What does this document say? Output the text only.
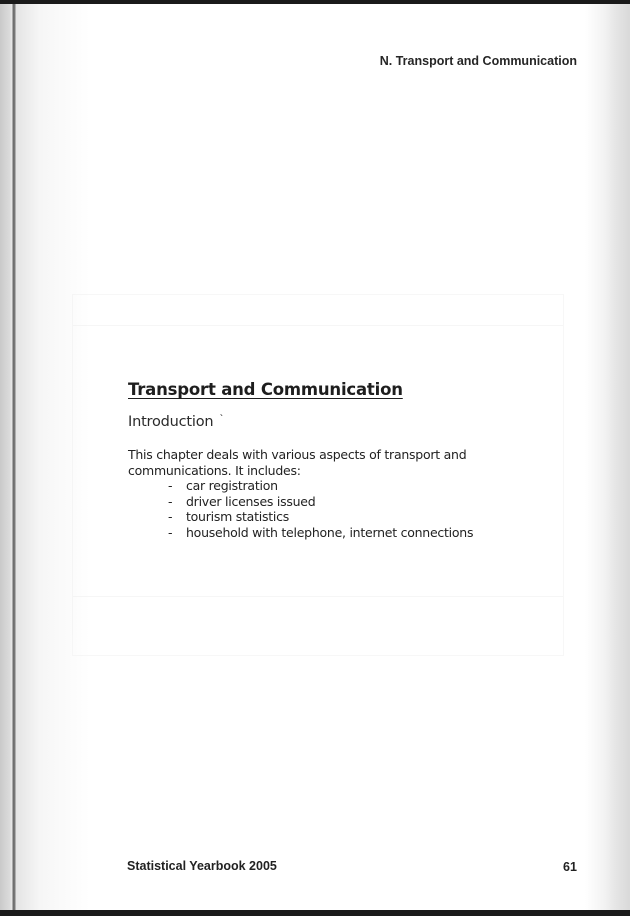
N. Transport and Communication
Transport and Communication
Introduction `
This chapter deals with various aspects of transport and communications. It includes:
- car registration
- driver licenses issued
- tourism statistics
- household with telephone, internet connections
Statistical Yearbook 2005	61
